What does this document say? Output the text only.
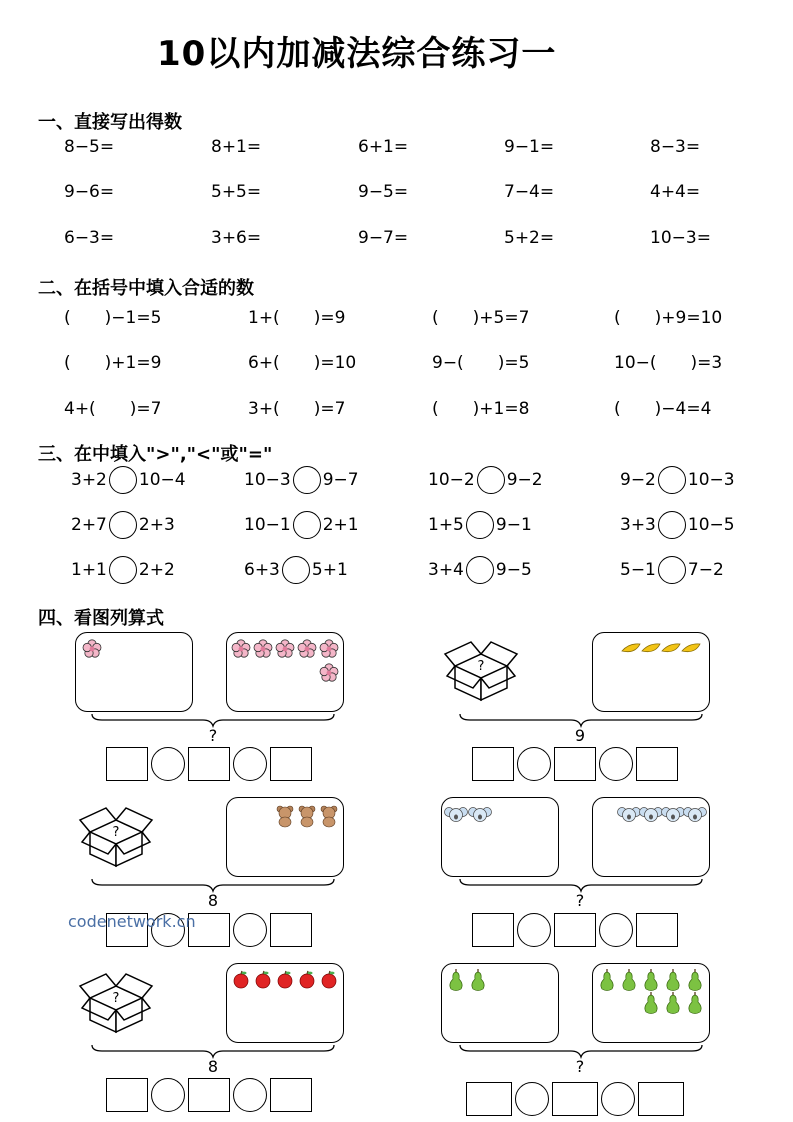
10以内加减法综合练习一
一、直接写出得数
8−5=	8+1=	6+1=	9−1=	8−3=
9−6=	5+5=	9−5=	7−4=	4+4=
6−3=	3+6=	9−7=	5+2=	10−3=
二、在括号中填入合适的数
(　　)−1=5	1+(　　)=9	(　　)+5=7	(　　)+9=10
(　　)+1=9	6+(　　)=10	9−(　　)=5	10−(　　)=3
4+(　　)=7	3+(　　)=7	(　　)+1=8	(　　)−4=4
三、在中填入">","<"或"="
3+2 10−4	10−3 9−7	10−2 9−2	9−2 10−3
2+7 2+3	10−1 2+1	1+5 9−1	3+3 10−5
1+1 2+2	6+3 5+1	3+4 9−5	5−1 7−2
四、看图列算式
?
?
?
?	9
8	?
8	?
codenetwork.cn
